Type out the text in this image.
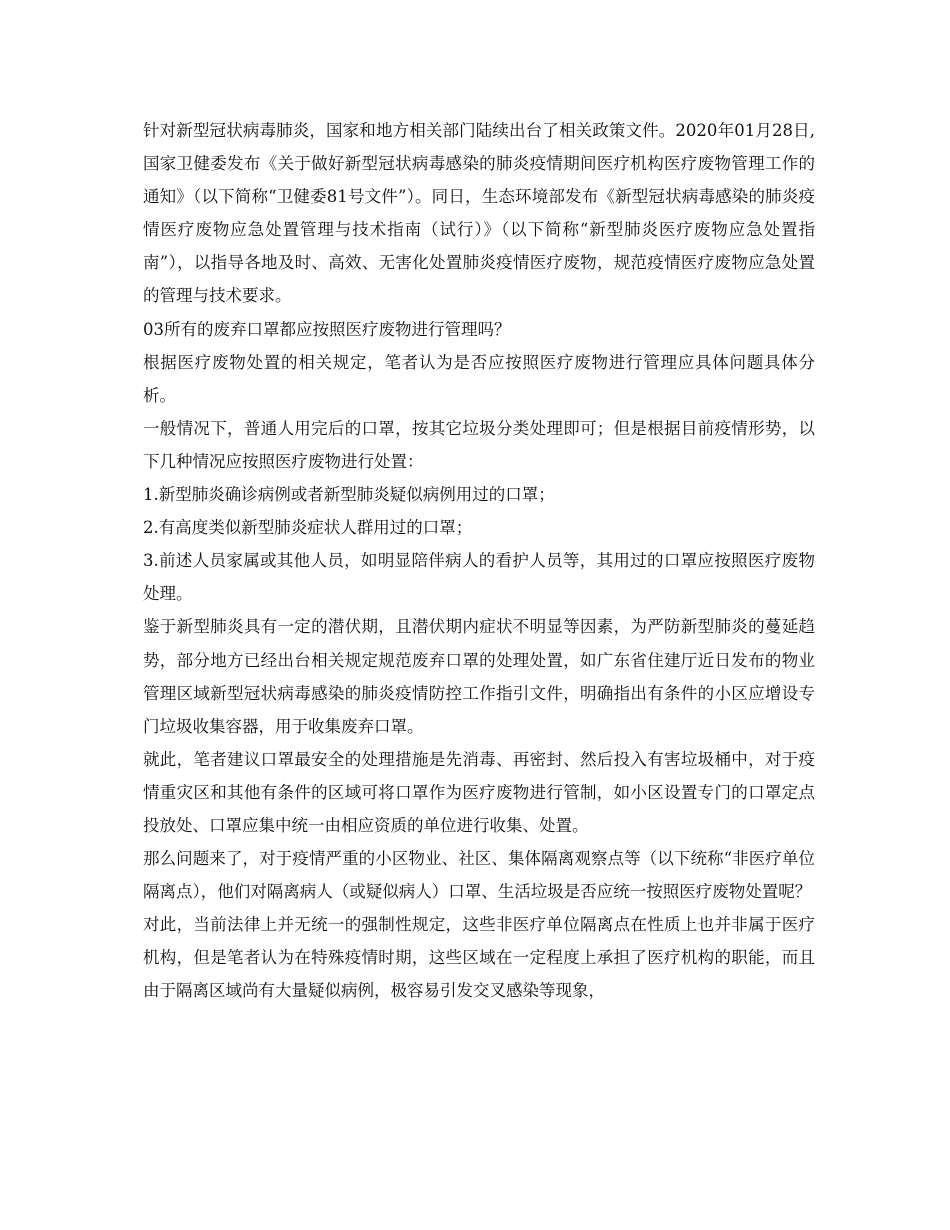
针对新型冠状病毒肺炎，国家和地方相关部门陆续出台了相关政策文件。2020年01月28日,国家卫健委发布《关于做好新型冠状病毒感染的肺炎疫情期间医疗机构医疗废物管理工作的通知》（以下简称“卫健委81号文件”）。同日，生态环境部发布《新型冠状病毒感染的肺炎疫情医疗废物应急处置管理与技术指南（试行）》（以下简称“新型肺炎医疗废物应急处置指南”），以指导各地及时、高效、无害化处置肺炎疫情医疗废物，规范疫情医疗废物应急处置的管理与技术要求。

03所有的废弃口罩都应按照医疗废物进行管理吗？

根据医疗废物处置的相关规定，笔者认为是否应按照医疗废物进行管理应具体问题具体分析。

一般情况下，普通人用完后的口罩，按其它垃圾分类处理即可；但是根据目前疫情形势，以下几种情况应按照医疗废物进行处置：

1.新型肺炎确诊病例或者新型肺炎疑似病例用过的口罩；

2.有高度类似新型肺炎症状人群用过的口罩；

3.前述人员家属或其他人员，如明显陪伴病人的看护人员等，其用过的口罩应按照医疗废物处理。

鉴于新型肺炎具有一定的潜伏期，且潜伏期内症状不明显等因素，为严防新型肺炎的蔓延趋势，部分地方已经出台相关规定规范废弃口罩的处理处置，如广东省住建厅近日发布的物业管理区域新型冠状病毒感染的肺炎疫情防控工作指引文件，明确指出有条件的小区应增设专门垃圾收集容器，用于收集废弃口罩。

就此，笔者建议口罩最安全的处理措施是先消毒、再密封、然后投入有害垃圾桶中，对于疫情重灾区和其他有条件的区域可将口罩作为医疗废物进行管制，如小区设置专门的口罩定点投放处、口罩应集中统一由相应资质的单位进行收集、处置。

那么问题来了，对于疫情严重的小区物业、社区、集体隔离观察点等（以下统称“非医疗单位隔离点），他们对隔离病人（或疑似病人）口罩、生活垃圾是否应统一按照医疗废物处置呢？

对此，当前法律上并无统一的强制性规定，这些非医疗单位隔离点在性质上也并非属于医疗机构，但是笔者认为在特殊疫情时期，这些区域在一定程度上承担了医疗机构的职能，而且由于隔离区域尚有大量疑似病例，极容易引发交叉感染等现象，
